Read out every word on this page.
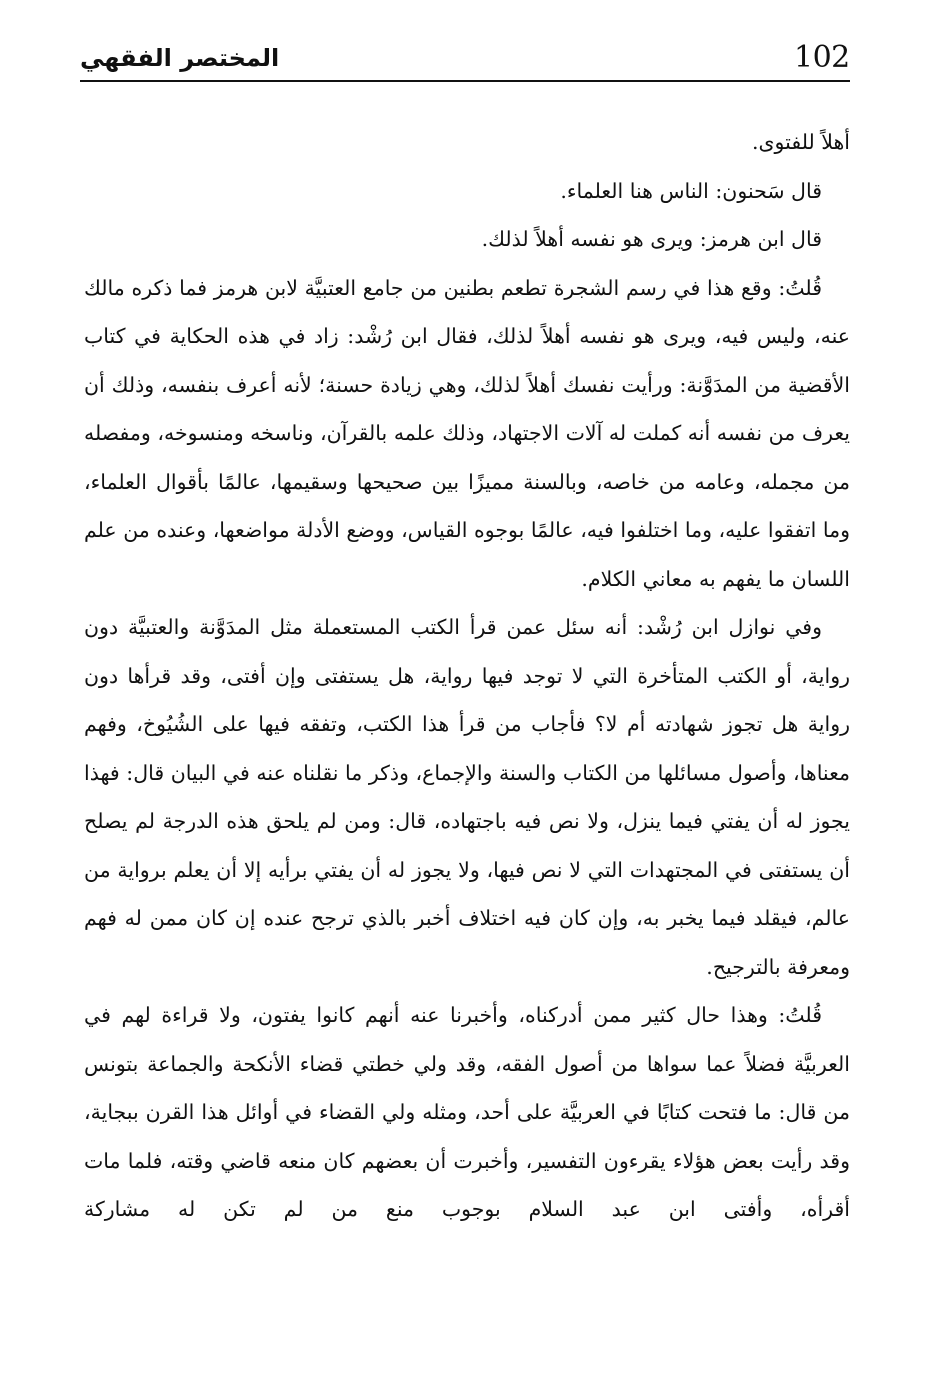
102
المختصر الفقهي

أهلاً للفتوى.

قال سَحنون: الناس هنا العلماء.

قال ابن هرمز: ويرى هو نفسه أهلاً لذلك.

قُلتُ: وقع هذا في رسم الشجرة تطعم بطنين من جامع العتبيَّة لابن هرمز فما ذكره مالك عنه، وليس فيه، ويرى هو نفسه أهلاً لذلك، فقال ابن رُشْد: زاد في هذه الحكاية في كتاب الأقضية من المدَوَّنة: ورأيت نفسك أهلاً لذلك، وهي زيادة حسنة؛ لأنه أعرف بنفسه، وذلك أن يعرف من نفسه أنه كملت له آلات الاجتهاد، وذلك علمه بالقرآن، وناسخه ومنسوخه، ومفصله من مجمله، وعامه من خاصه، وبالسنة مميزًا بين صحيحها وسقيمها، عالمًا بأقوال العلماء، وما اتفقوا عليه، وما اختلفوا فيه، عالمًا بوجوه القياس، ووضع الأدلة مواضعها، وعنده من علم اللسان ما يفهم به معاني الكلام.

وفي نوازل ابن رُشْد: أنه سئل عمن قرأ الكتب المستعملة مثل المدَوَّنة والعتبيَّة دون رواية، أو الكتب المتأخرة التي لا توجد فيها رواية، هل يستفتى وإن أفتى، وقد قرأها دون رواية هل تجوز شهادته أم لا؟ فأجاب من قرأ هذا الكتب، وتفقه فيها على الشُيُوخ، وفهم معناها، وأصول مسائلها من الكتاب والسنة والإجماع، وذكر ما نقلناه عنه في البيان قال: فهذا يجوز له أن يفتي فيما ينزل، ولا نص فيه باجتهاده، قال: ومن لم يلحق هذه الدرجة لم يصلح أن يستفتى في المجتهدات التي لا نص فيها، ولا يجوز له أن يفتي برأيه إلا أن يعلم برواية من عالم، فيقلد فيما يخبر به، وإن كان فيه اختلاف أخبر بالذي ترجح عنده إن كان ممن له فهم ومعرفة بالترجيح.

قُلتُ: وهذا حال كثير ممن أدركناه، وأخبرنا عنه أنهم كانوا يفتون، ولا قراءة لهم في العربيَّة فضلاً عما سواها من أصول الفقه، وقد ولي خطتي قضاء الأنكحة والجماعة بتونس من قال: ما فتحت كتابًا في العربيَّة على أحد، ومثله ولي القضاء في أوائل هذا القرن ببجاية، وقد رأيت بعض هؤلاء يقرءون التفسير، وأخبرت أن بعضهم كان منعه قاضي وقته، فلما مات أقرأه، وأفتى ابن عبد السلام بوجوب منع من لم تكن له مشاركة
